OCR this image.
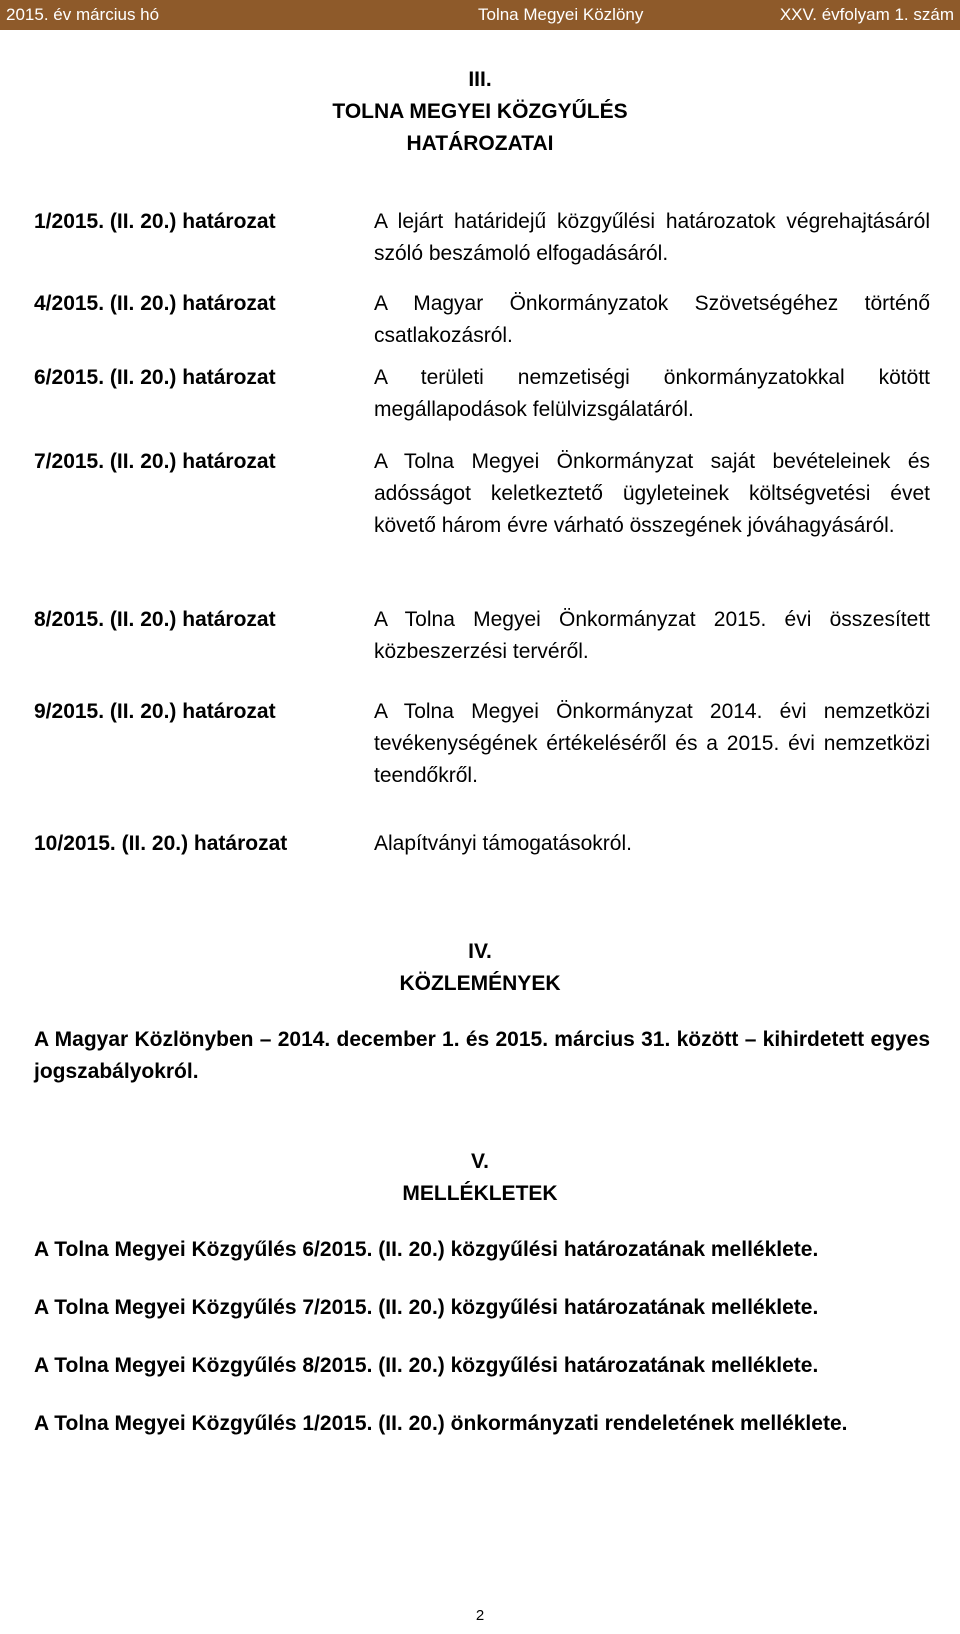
2015. év március hó	Tolna Megyei Közlöny	XXV. évfolyam 1. szám
III.
TOLNA MEGYEI KÖZGYŰLÉS
HATÁROZATAI
1/2015. (II. 20.) határozat	A lejárt határidejű közgyűlési határozatok végrehajtásáról szóló beszámoló elfogadásáról.
4/2015. (II. 20.) határozat	A Magyar Önkormányzatok Szövetségéhez történő csatlakozásról.
6/2015. (II. 20.) határozat	A területi nemzetiségi önkormányzatokkal kötött megállapodások felülvizsgálatáról.
7/2015. (II. 20.) határozat	A Tolna Megyei Önkormányzat saját bevételeinek és adósságot keletkeztető ügyleteinek költségvetési évet követő három évre várható összegének jóváhagyásáról.
8/2015. (II. 20.) határozat	A Tolna Megyei Önkormányzat 2015. évi összesített közbeszerzési tervéről.
9/2015. (II. 20.) határozat	A Tolna Megyei Önkormányzat 2014. évi nemzetközi tevékenységének értékeléséről és a 2015. évi nemzetközi teendőkről.
10/2015. (II. 20.) határozat	Alapítványi támogatásokról.
IV.
KÖZLEMÉNYEK
A Magyar Közlönyben – 2014. december 1. és 2015. március 31. között – kihirdetett egyes jogszabályokról.
V.
MELLÉKLETEK
A Tolna Megyei Közgyűlés 6/2015. (II. 20.) közgyűlési határozatának melléklete.
A Tolna Megyei Közgyűlés 7/2015. (II. 20.) közgyűlési határozatának melléklete.
A Tolna Megyei Közgyűlés 8/2015. (II. 20.) közgyűlési határozatának melléklete.
A Tolna Megyei Közgyűlés 1/2015. (II. 20.) önkormányzati rendeletének melléklete.
2
